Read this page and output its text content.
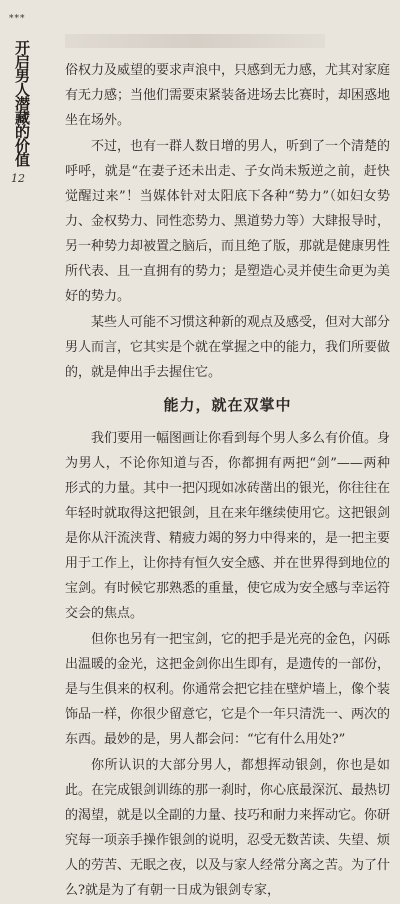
***
开启男人潜藏的价值
12

俗权力及威望的要求声浪中，只感到无力感，尤其对家庭有无力感；当他们需要束紧装备进场去比赛时，却困惑地坐在场外。

不过，也有一群人数日增的男人，听到了一个清楚的呼呼，就是“在妻子还未出走、子女尚未叛逆之前，赶快觉醒过来”！当媒体针对太阳底下各种“势力”（如妇女势力、金权势力、同性恋势力、黑道势力等）大肆报导时，另一种势力却被置之脑后，而且绝了版，那就是健康男性所代表、且一直拥有的势力；是塑造心灵并使生命更为美好的势力。

某些人可能不习惯这种新的观点及感受，但对大部分男人而言，它其实是个就在掌握之中的能力，我们所要做的，就是伸出手去握住它。

能力，就在双掌中

我们要用一幅图画让你看到每个男人多么有价值。身为男人，不论你知道与否，你都拥有两把“剑”——两种形式的力量。其中一把闪现如冰砖凿出的银光，你往往在年轻时就取得这把银剑，且在来年继续使用它。这把银剑是你从汗流浃背、精疲力竭的努力中得来的，是一把主要用于工作上，让你持有恒久安全感、并在世界得到地位的宝剑。有时候它那熟悉的重量，使它成为安全感与幸运符交会的焦点。

但你也另有一把宝剑，它的把手是光亮的金色，闪砾出温暖的金光，这把金剑你出生即有，是遗传的一部份，是与生俱来的权利。你通常会把它挂在壁炉墙上，像个装饰品一样，你很少留意它，它是个一年只清洗一、两次的东西。最妙的是，男人都会问：“它有什么用处?”

你所认识的大部分男人，都想挥动银剑，你也是如此。在完成银剑训练的那一刹时，你心底最深沉、最热切的渴望，就是以全副的力量、技巧和耐力来挥动它。你研究每一项亲手操作银剑的说明，忍受无数苦读、失望、烦人的劳苦、无眠之夜，以及与家人经常分离之苦。为了什么?就是为了有朝一日成为银剑专家，
